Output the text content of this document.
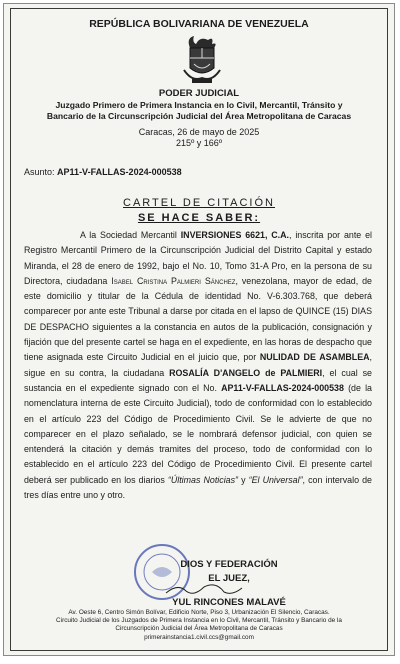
REPÚBLICA BOLIVARIANA DE VENEZUELA
PODER JUDICIAL
Juzgado Primero de Primera Instancia en lo Civil, Mercantil, Tránsito y
Bancario de la Circunscripción Judicial del Área Metropolitana de Caracas
Caracas, 26 de mayo de 2025
215º y 166º
Asunto: AP11-V-FALLAS-2024-000538
CARTEL DE CITACIÓN
SE HACE SABER:

A la Sociedad Mercantil INVERSIONES 6621, C.A., inscrita por ante el Registro Mercantil Primero de la Circunscripción Judicial del Distrito Capital y estado Miranda, el 28 de enero de 1992, bajo el No. 10, Tomo 31-A Pro, en la persona de su Directora, ciudadana Isabel Cristina Palmieri Sánchez, venezolana, mayor de edad, de este domicilio y titular de la Cédula de identidad No. V-6.303.768, que deberá comparecer por ante este Tribunal a darse por citada en el lapso de QUINCE (15) DIAS DE DESPACHO siguientes a la constancia en autos de la publicación, consignación y fijación que del presente cartel se haga en el expediente, en las horas de despacho que tiene asignada este Circuito Judicial en el juicio que, por NULIDAD DE ASAMBLEA, sigue en su contra, la ciudadana ROSALÍA D'ANGELO de PALMIERI, el cual se sustancia en el expediente signado con el No. AP11-V-FALLAS-2024-000538 (de la nomenclatura interna de este Circuito Judicial), todo de conformidad con lo establecido en el artículo 223 del Código de Procedimiento Civil. Se le advierte de que no comparecer en el plazo señalado, se le nombrará defensor judicial, con quien se entenderá la citación y demás tramites del proceso, todo de conformidad con lo establecido en el artículo 223 del Código de Procedimiento Civil. El presente cartel deberá ser publicado en los diarios “Últimas Noticias” y “El Universal”, con intervalo de tres días entre uno y otro.

DIOS Y FEDERACIÓN
EL JUEZ,
YUL RINCONES MALAVÉ
Av. Oeste 6, Centro Simón Bolívar, Edificio Norte, Piso 3, Urbanización El Silencio, Caracas.
Circuito Judicial de los Juzgados de Primera Instancia en lo Civil, Mercantil, Tránsito y Bancario de la
Circunscripción Judicial del Área Metropolitana de Caracas
primerainstancia1.civil.ccs@gmail.com
